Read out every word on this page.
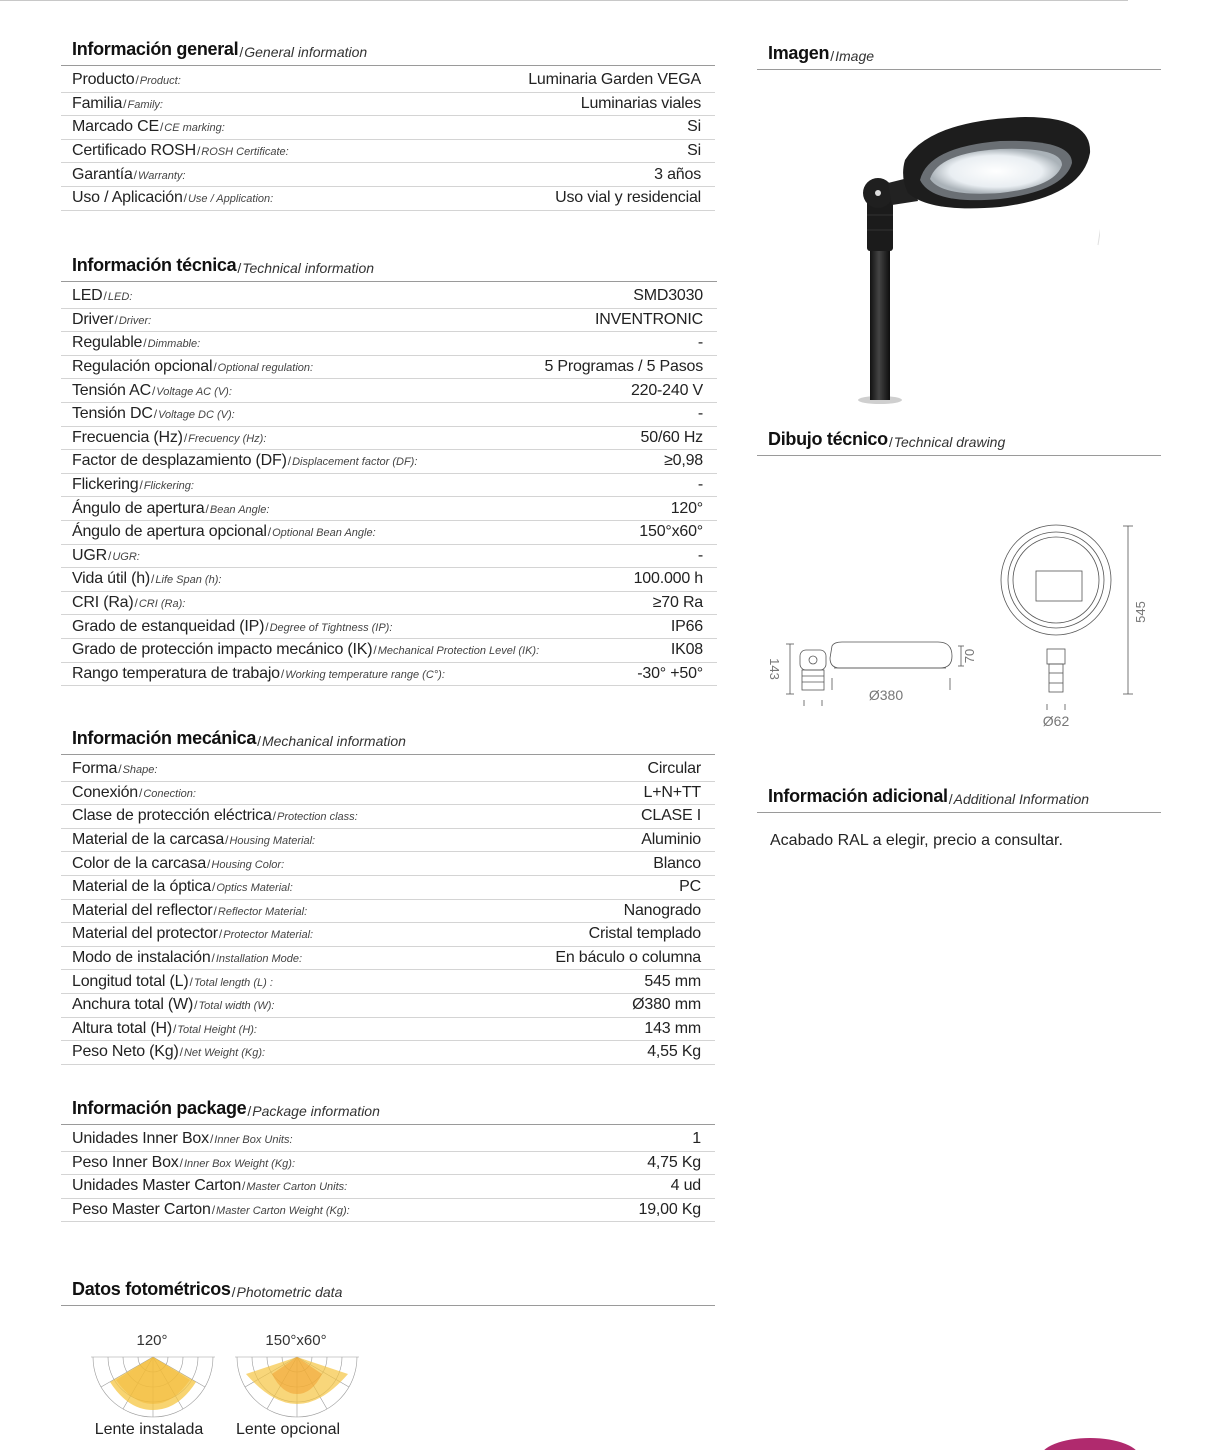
Información general / General information
Producto/Product:	Luminaria Garden VEGA
Familia/Family:	Luminarias viales
Marcado CE/CE marking:	Si
Certificado ROSH/ROSH Certificate:	Si
Garantía/Warranty:	3 años
Uso / Aplicación/Use / Application:	Uso vial y residencial
Información técnica / Technical information
LED/LED:	SMD3030
Driver/Driver:	INVENTRONIC
Regulable/Dimmable:	-
Regulación opcional/Optional regulation:	5 Programas / 5 Pasos
Tensión AC/Voltage AC (V):	220-240 V
Tensión DC/Voltage DC (V):	-
Frecuencia (Hz)/Frecuency (Hz):	50/60 Hz
Factor de desplazamiento (DF)/Displacement factor (DF):	≥0,98
Flickering/Flickering:	-
Ángulo de apertura/Bean Angle:	120°
Ángulo de apertura opcional/Optional Bean Angle:	150°x60°
UGR/UGR:	-
Vida útil (h)/Life Span (h):	100.000 h
CRI (Ra)/CRI (Ra):	≥70 Ra
Grado de estanqueidad (IP)/Degree of Tightness (IP):	IP66
Grado de protección impacto mecánico (IK)/Mechanical Protection Level (IK):	IK08
Rango temperatura de trabajo/Working temperature range (C°):	-30° +50°
Información mecánica / Mechanical information
Forma/Shape:	Circular
Conexión/Conection:	L+N+TT
Clase de protección eléctrica/Protection class:	CLASE I
Material de la carcasa/Housing Material:	Aluminio
Color de la carcasa/Housing Color:	Blanco
Material de la óptica/Optics Material:	PC
Material del reflector/Reflector Material:	Nanogrado
Material del protector/Protector Material:	Cristal templado
Modo de instalación/Installation Mode:	En báculo o columna
Longitud total (L)/Total length (L) :	545 mm
Anchura total (W)/Total width (W):	Ø380 mm
Altura total (H)/Total Height (H):	143 mm
Peso Neto (Kg)/Net Weight (Kg):	4,55 Kg
Información package / Package information
Unidades Inner Box/Inner Box Units:	1
Peso Inner Box/Inner Box Weight (Kg):	4,75 Kg
Unidades Master Carton/Master Carton Units:	4 ud
Peso Master Carton/Master Carton Weight (Kg):	19,00 Kg
Datos fotométricos / Photometric data
120°	150°x60°
Lente instalada	Lente opcional
Imagen / Image
Dibujo técnico / Technical drawing
143
Ø380
70
545
Ø62
Información adicional / Additional Information
Acabado RAL a elegir, precio a consultar.
